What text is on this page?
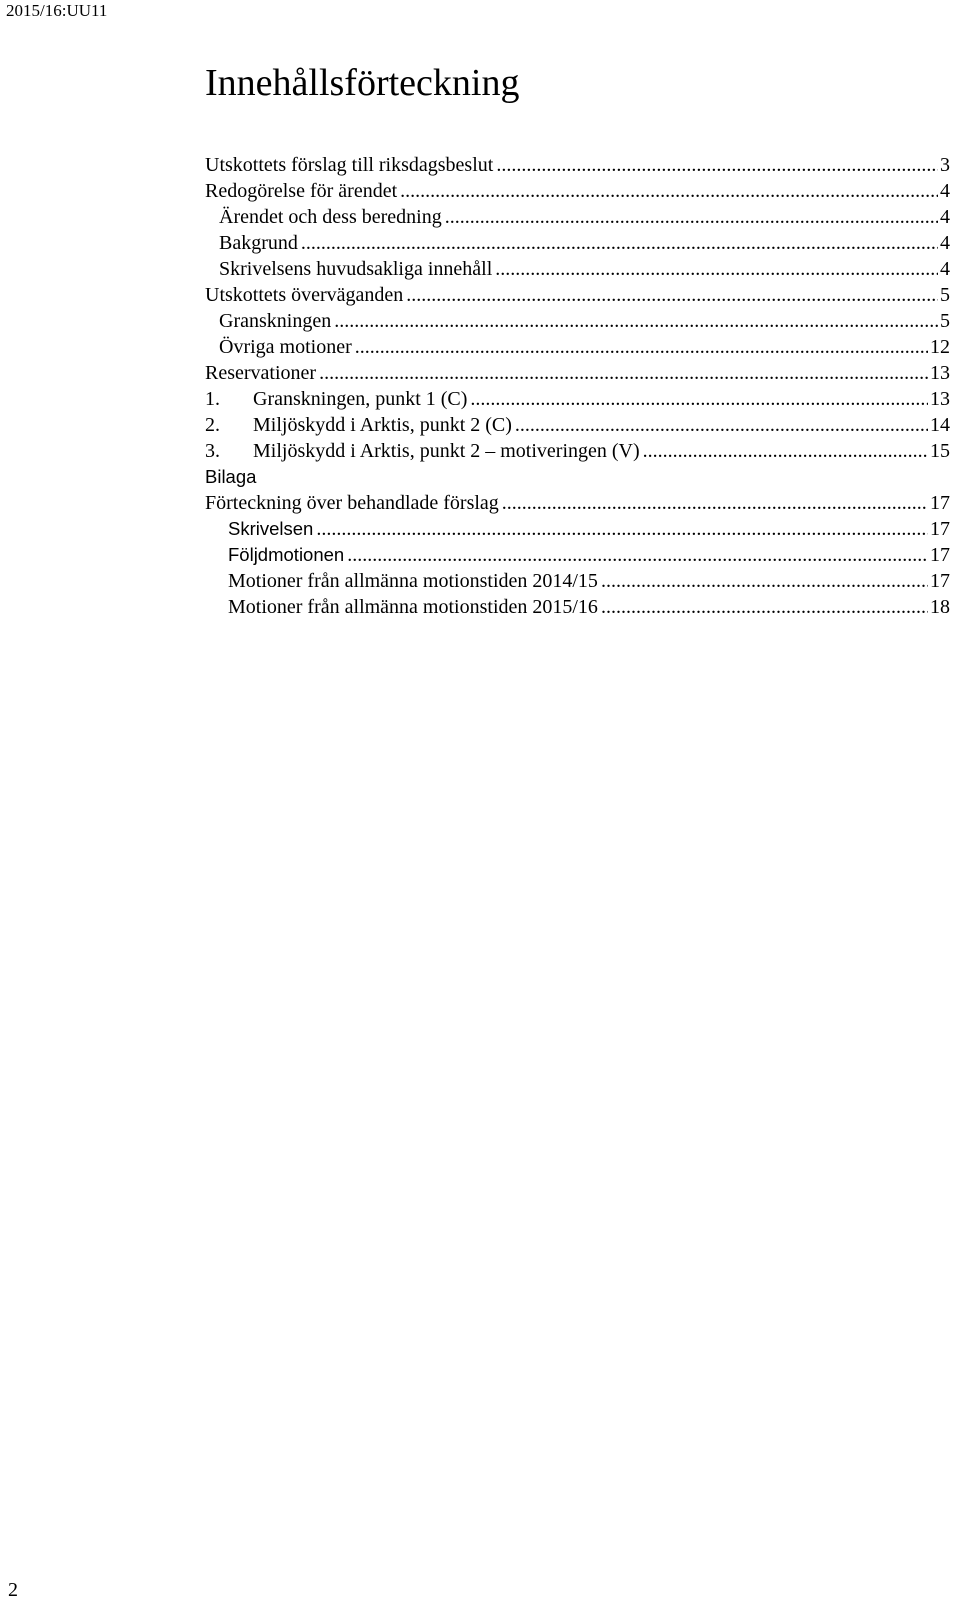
2015/16:UU11
Innehållsförteckning
Utskottets förslag till riksdagsbeslut . . .	3
Redogörelse för ärendet . . .	4
Ärendet och dess beredning . . .	4
Bakgrund . . .	4
Skrivelsens huvudsakliga innehåll . . .	4
Utskottets överväganden . . .	5
Granskningen . . .	5
Övriga motioner . . .	12
Reservationer . . .	13
1.	Granskningen, punkt 1 (C) . . .	13
2.	Miljöskydd i Arktis, punkt 2 (C) . . .	14
3.	Miljöskydd i Arktis, punkt 2 – motiveringen (V) . . .	15
Bilaga
Förteckning över behandlade förslag . . .	17
Skrivelsen . . .	17
Följdmotionen . . .	17
Motioner från allmänna motionstiden 2014/15 . . .	17
Motioner från allmänna motionstiden 2015/16 . . .	18
2
